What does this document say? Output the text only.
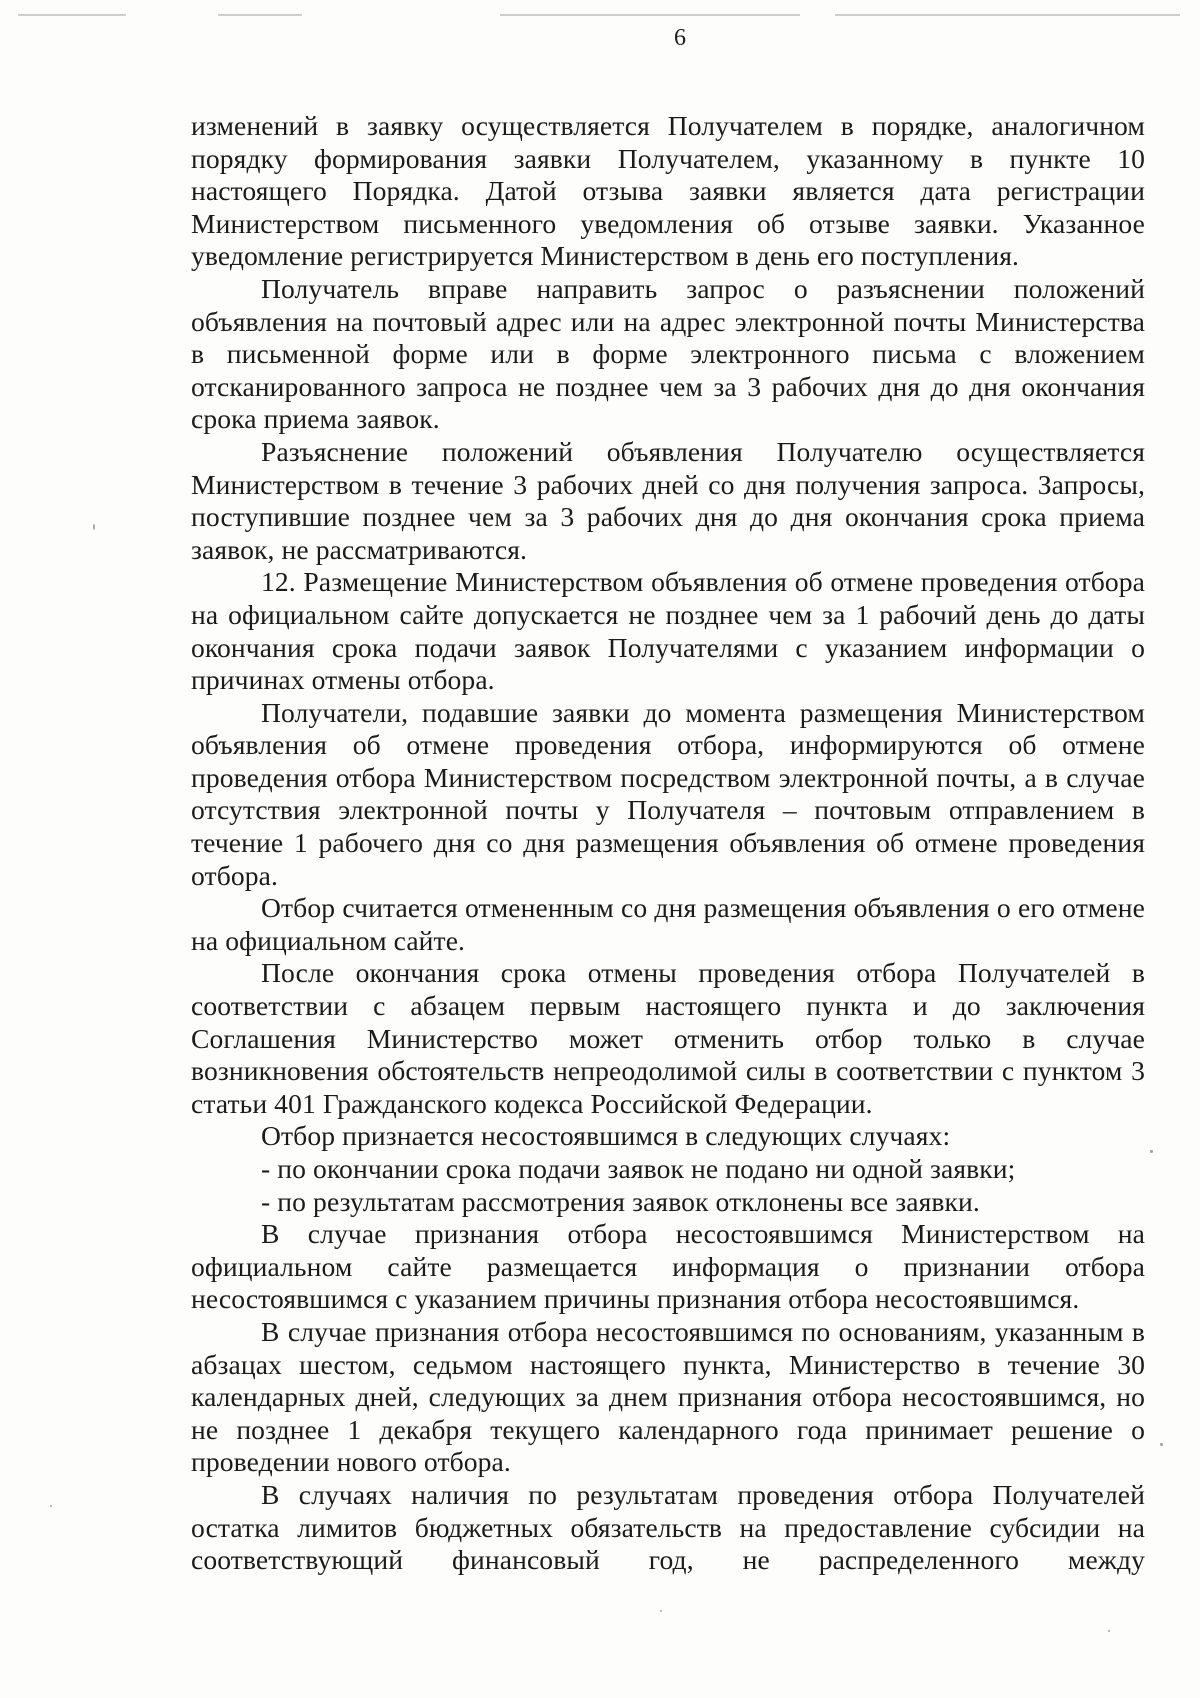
6

изменений в заявку осуществляется Получателем в порядке, аналогичном порядку формирования заявки Получателем, указанному в пункте 10 настоящего Порядка. Датой отзыва заявки является дата регистрации Министерством письменного уведомления об отзыве заявки. Указанное уведомление регистрируется Министерством в день его поступления.

Получатель вправе направить запрос о разъяснении положений объявления на почтовый адрес или на адрес электронной почты Министерства в письменной форме или в форме электронного письма с вложением отсканированного запроса не позднее чем за 3 рабочих дня до дня окончания срока приема заявок.

Разъяснение положений объявления Получателю осуществляется Министерством в течение 3 рабочих дней со дня получения запроса. Запросы, поступившие позднее чем за 3 рабочих дня до дня окончания срока приема заявок, не рассматриваются.

12. Размещение Министерством объявления об отмене проведения отбора на официальном сайте допускается не позднее чем за 1 рабочий день до даты окончания срока подачи заявок Получателями с указанием информации о причинах отмены отбора.

Получатели, подавшие заявки до момента размещения Министерством объявления об отмене проведения отбора, информируются об отмене проведения отбора Министерством посредством электронной почты, а в случае отсутствия электронной почты у Получателя – почтовым отправлением в течение 1 рабочего дня со дня размещения объявления об отмене проведения отбора.

Отбор считается отмененным со дня размещения объявления о его отмене на официальном сайте.

После окончания срока отмены проведения отбора Получателей в соответствии с абзацем первым настоящего пункта и до заключения Соглашения Министерство может отменить отбор только в случае возникновения обстоятельств непреодолимой силы в соответствии с пунктом 3 статьи 401 Гражданского кодекса Российской Федерации.

Отбор признается несостоявшимся в следующих случаях:

- по окончании срока подачи заявок не подано ни одной заявки;

- по результатам рассмотрения заявок отклонены все заявки.

В случае признания отбора несостоявшимся Министерством на официальном сайте размещается информация о признании отбора несостоявшимся с указанием причины признания отбора несостоявшимся.

В случае признания отбора несостоявшимся по основаниям, указанным в абзацах шестом, седьмом настоящего пункта, Министерство в течение 30 календарных дней, следующих за днем признания отбора несостоявшимся, но не позднее 1 декабря текущего календарного года принимает решение о проведении нового отбора.

В случаях наличия по результатам проведения отбора Получателей остатка лимитов бюджетных обязательств на предоставление субсидии на соответствующий финансовый год, не распределенного между
